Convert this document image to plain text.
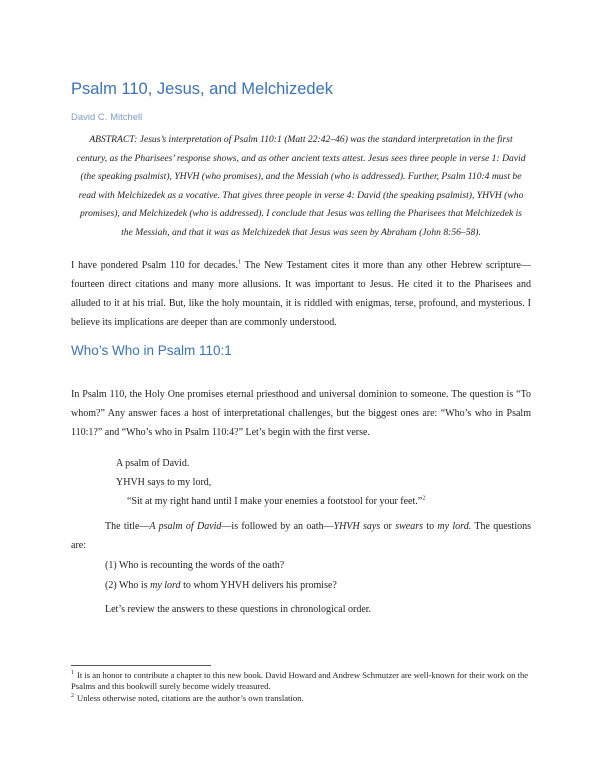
Psalm 110, Jesus, and Melchizedek
David C. Mitchell
ABSTRACT: Jesus’s interpretation of Psalm 110:1 (Matt 22:42–46) was the standard interpretation in the first century, as the Pharisees’ response shows, and as other ancient texts attest. Jesus sees three people in verse 1: David (the speaking psalmist), YHVH (who promises), and the Messiah (who is addressed). Further, Psalm 110:4 must be read with Melchizedek as a vocative. That gives three people in verse 4: David (the speaking psalmist), YHVH (who promises), and Melchizedek (who is addressed). I conclude that Jesus was telling the Pharisees that Melchizedek is the Messiah, and that it was as Melchizedek that Jesus was seen by Abraham (John 8:56–58).
I have pondered Psalm 110 for decades.$^1$ The New Testament cites it more than any other Hebrew scripture—fourteen direct citations and many more allusions. It was important to Jesus. He cited it to the Pharisees and alluded to it at his trial. But, like the holy mountain, it is riddled with enigmas, terse, profound, and mysterious. I believe its implications are deeper than are commonly understood.
Who’s Who in Psalm 110:1
In Psalm 110, the Holy One promises eternal priesthood and universal dominion to someone. The question is “To whom?” Any answer faces a host of interpretational challenges, but the biggest ones are: “Who’s who in Psalm 110:1?” and “Who’s who in Psalm 110:4?” Let’s begin with the first verse.
A psalm of David.
YHVH says to my lord,
“Sit at my right hand until I make your enemies a footstool for your feet.”$^2$
The title—A psalm of David—is followed by an oath—YHVH says or swears to my lord. The questions are:
(1) Who is recounting the words of the oath?
(2) Who is my lord to whom YHVH delivers his promise?
Let’s review the answers to these questions in chronological order.
$^1$ It is an honor to contribute a chapter to this new book. David Howard and Andrew Schmutzer are well-known for their work on the Psalms and this bookwill surely become widely treasured.
$^2$ Unless otherwise noted, citations are the author’s own translation.
